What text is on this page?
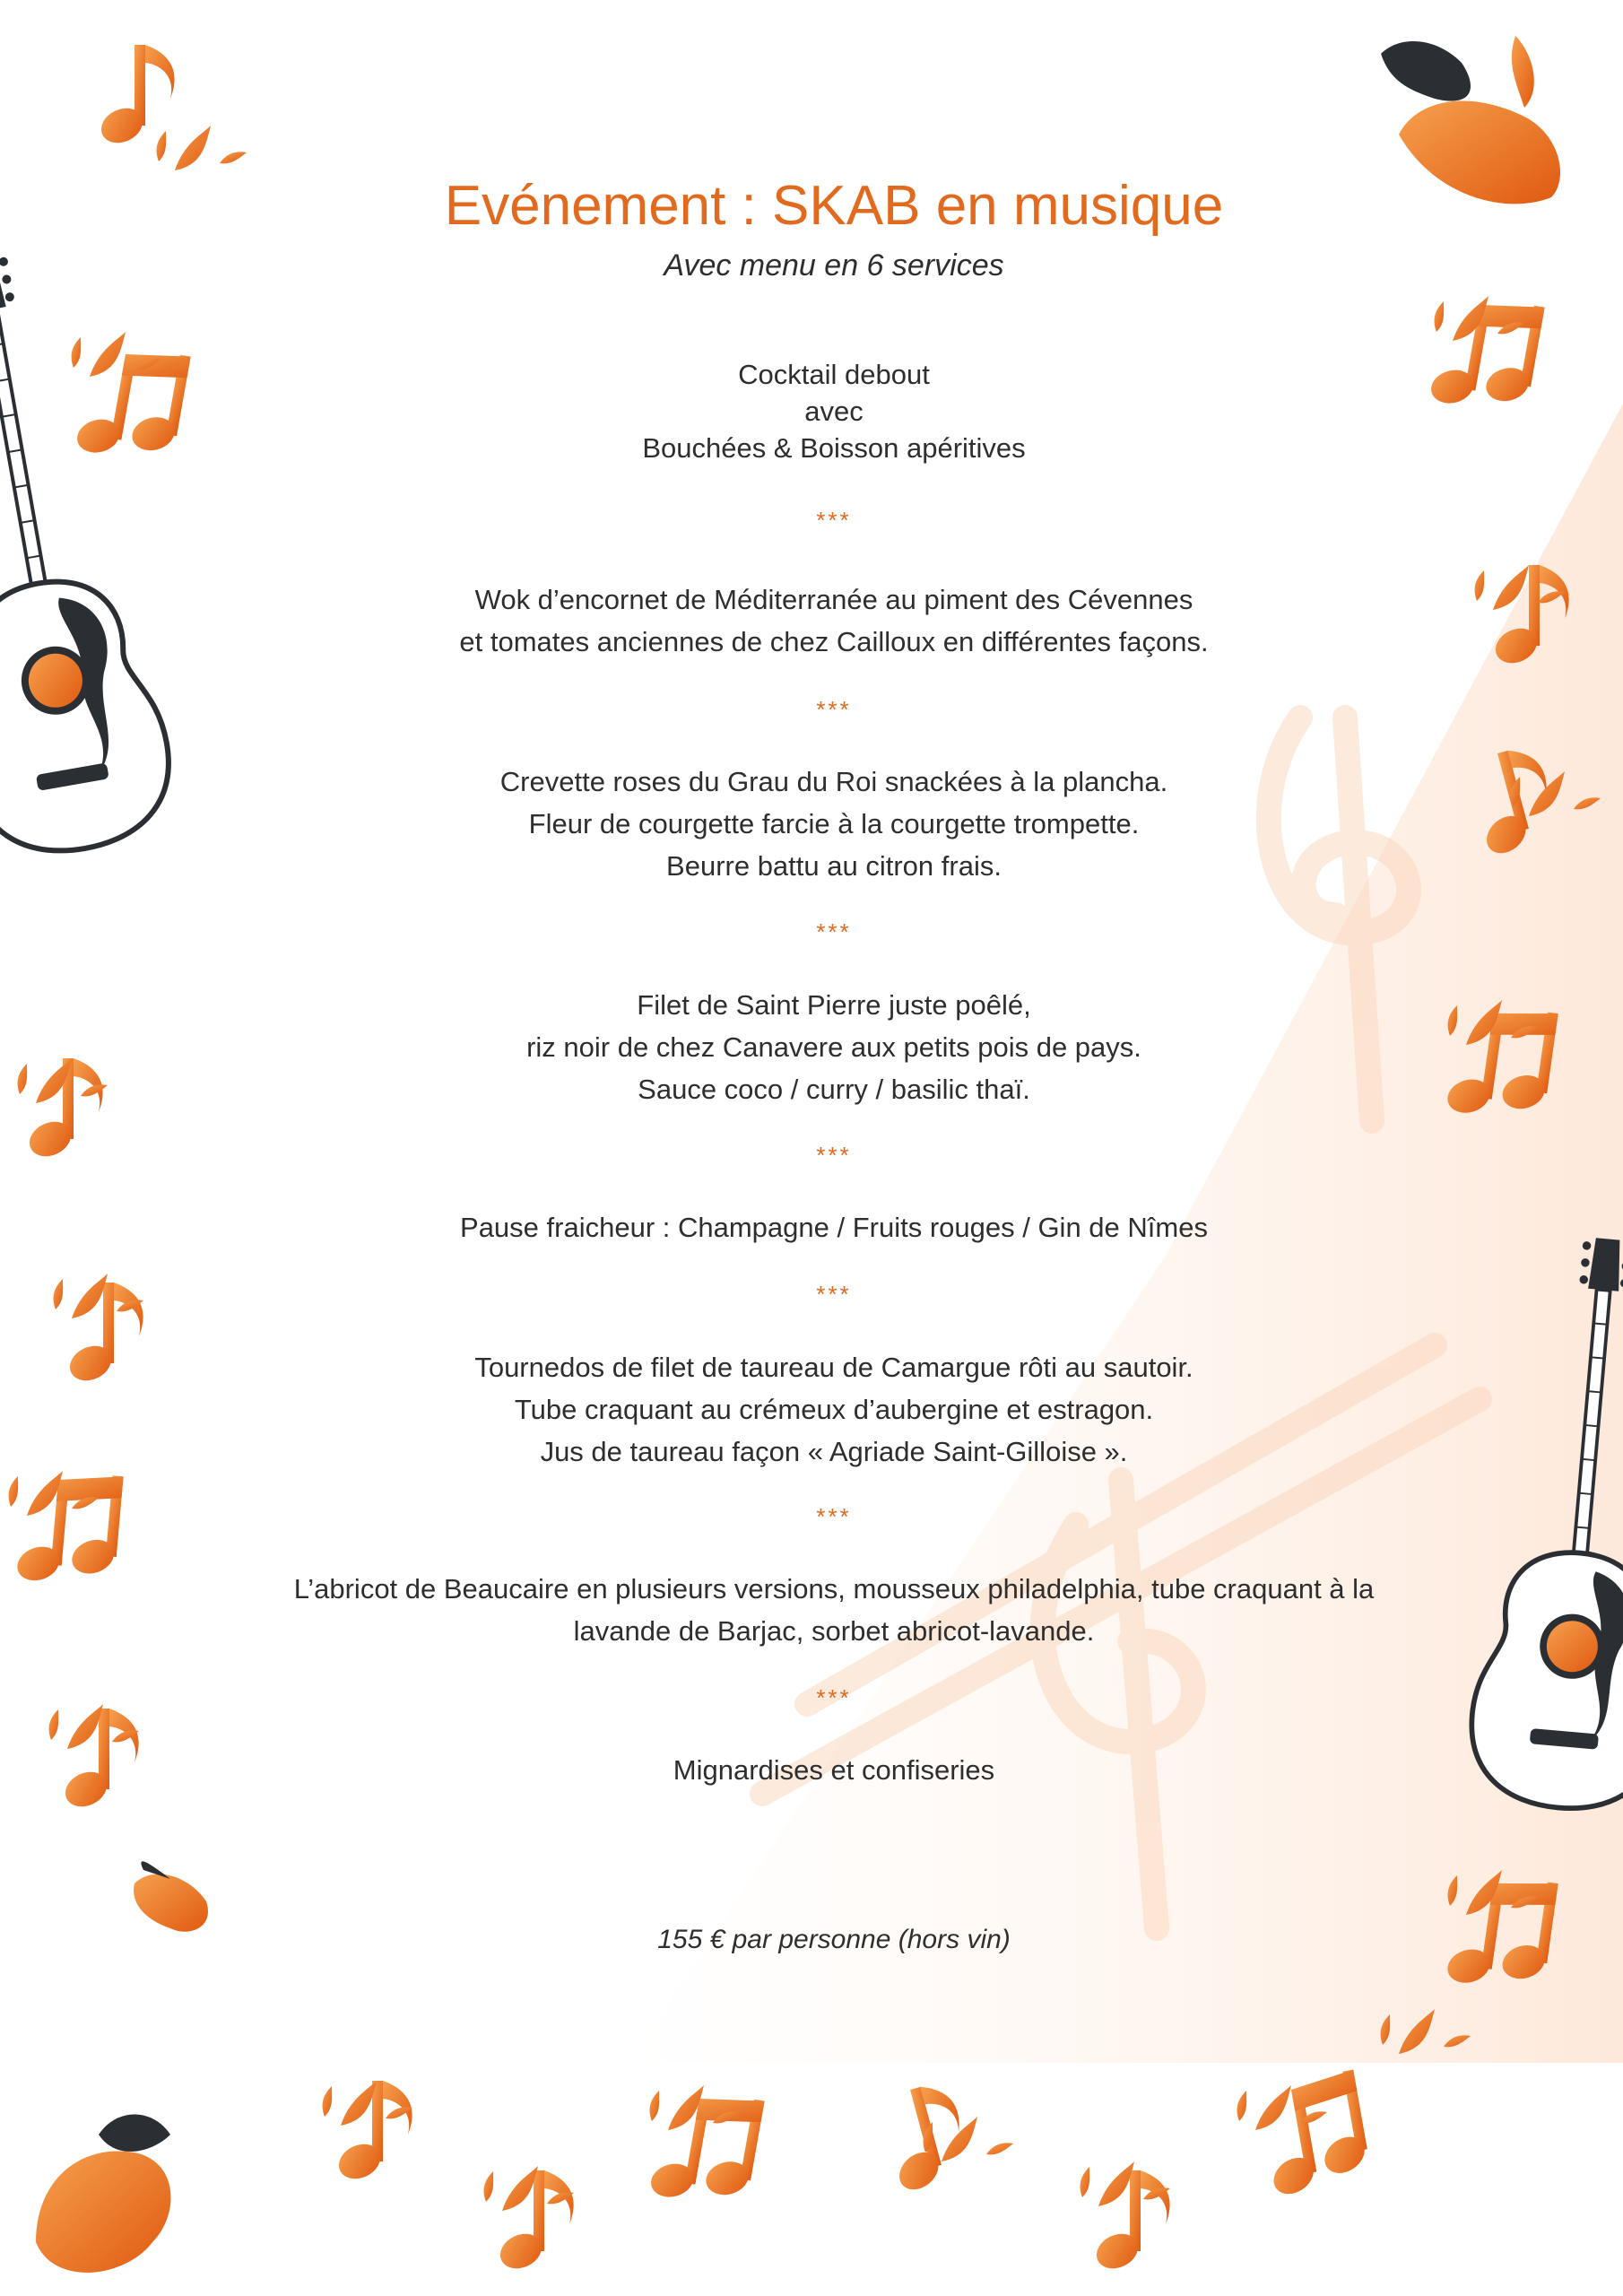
Evénement : SKAB en musique
Avec menu en 6 services
Cocktail debout
avec
Bouchées & Boisson apéritives
***
Wok d’encornet de Méditerranée au piment des Cévennes
et tomates anciennes de chez Cailloux en différentes façons.
***
Crevette roses du Grau du Roi snackées à la plancha.
Fleur de courgette farcie à la courgette trompette.
Beurre battu au citron frais.
***
Filet de Saint Pierre juste poêlé,
riz noir de chez Canavere aux petits pois de pays.
Sauce coco / curry / basilic thaï.
***
Pause fraicheur : Champagne / Fruits rouges / Gin de Nîmes
***
Tournedos de filet de taureau de Camargue rôti au sautoir.
Tube craquant au crémeux d’aubergine et estragon.
Jus de taureau façon « Agriade Saint-Gilloise ».
***
L’abricot de Beaucaire en plusieurs versions, mousseux philadelphia, tube craquant à la
lavande de Barjac, sorbet abricot-lavande.
***
Mignardises et confiseries
155 € par personne (hors vin)
